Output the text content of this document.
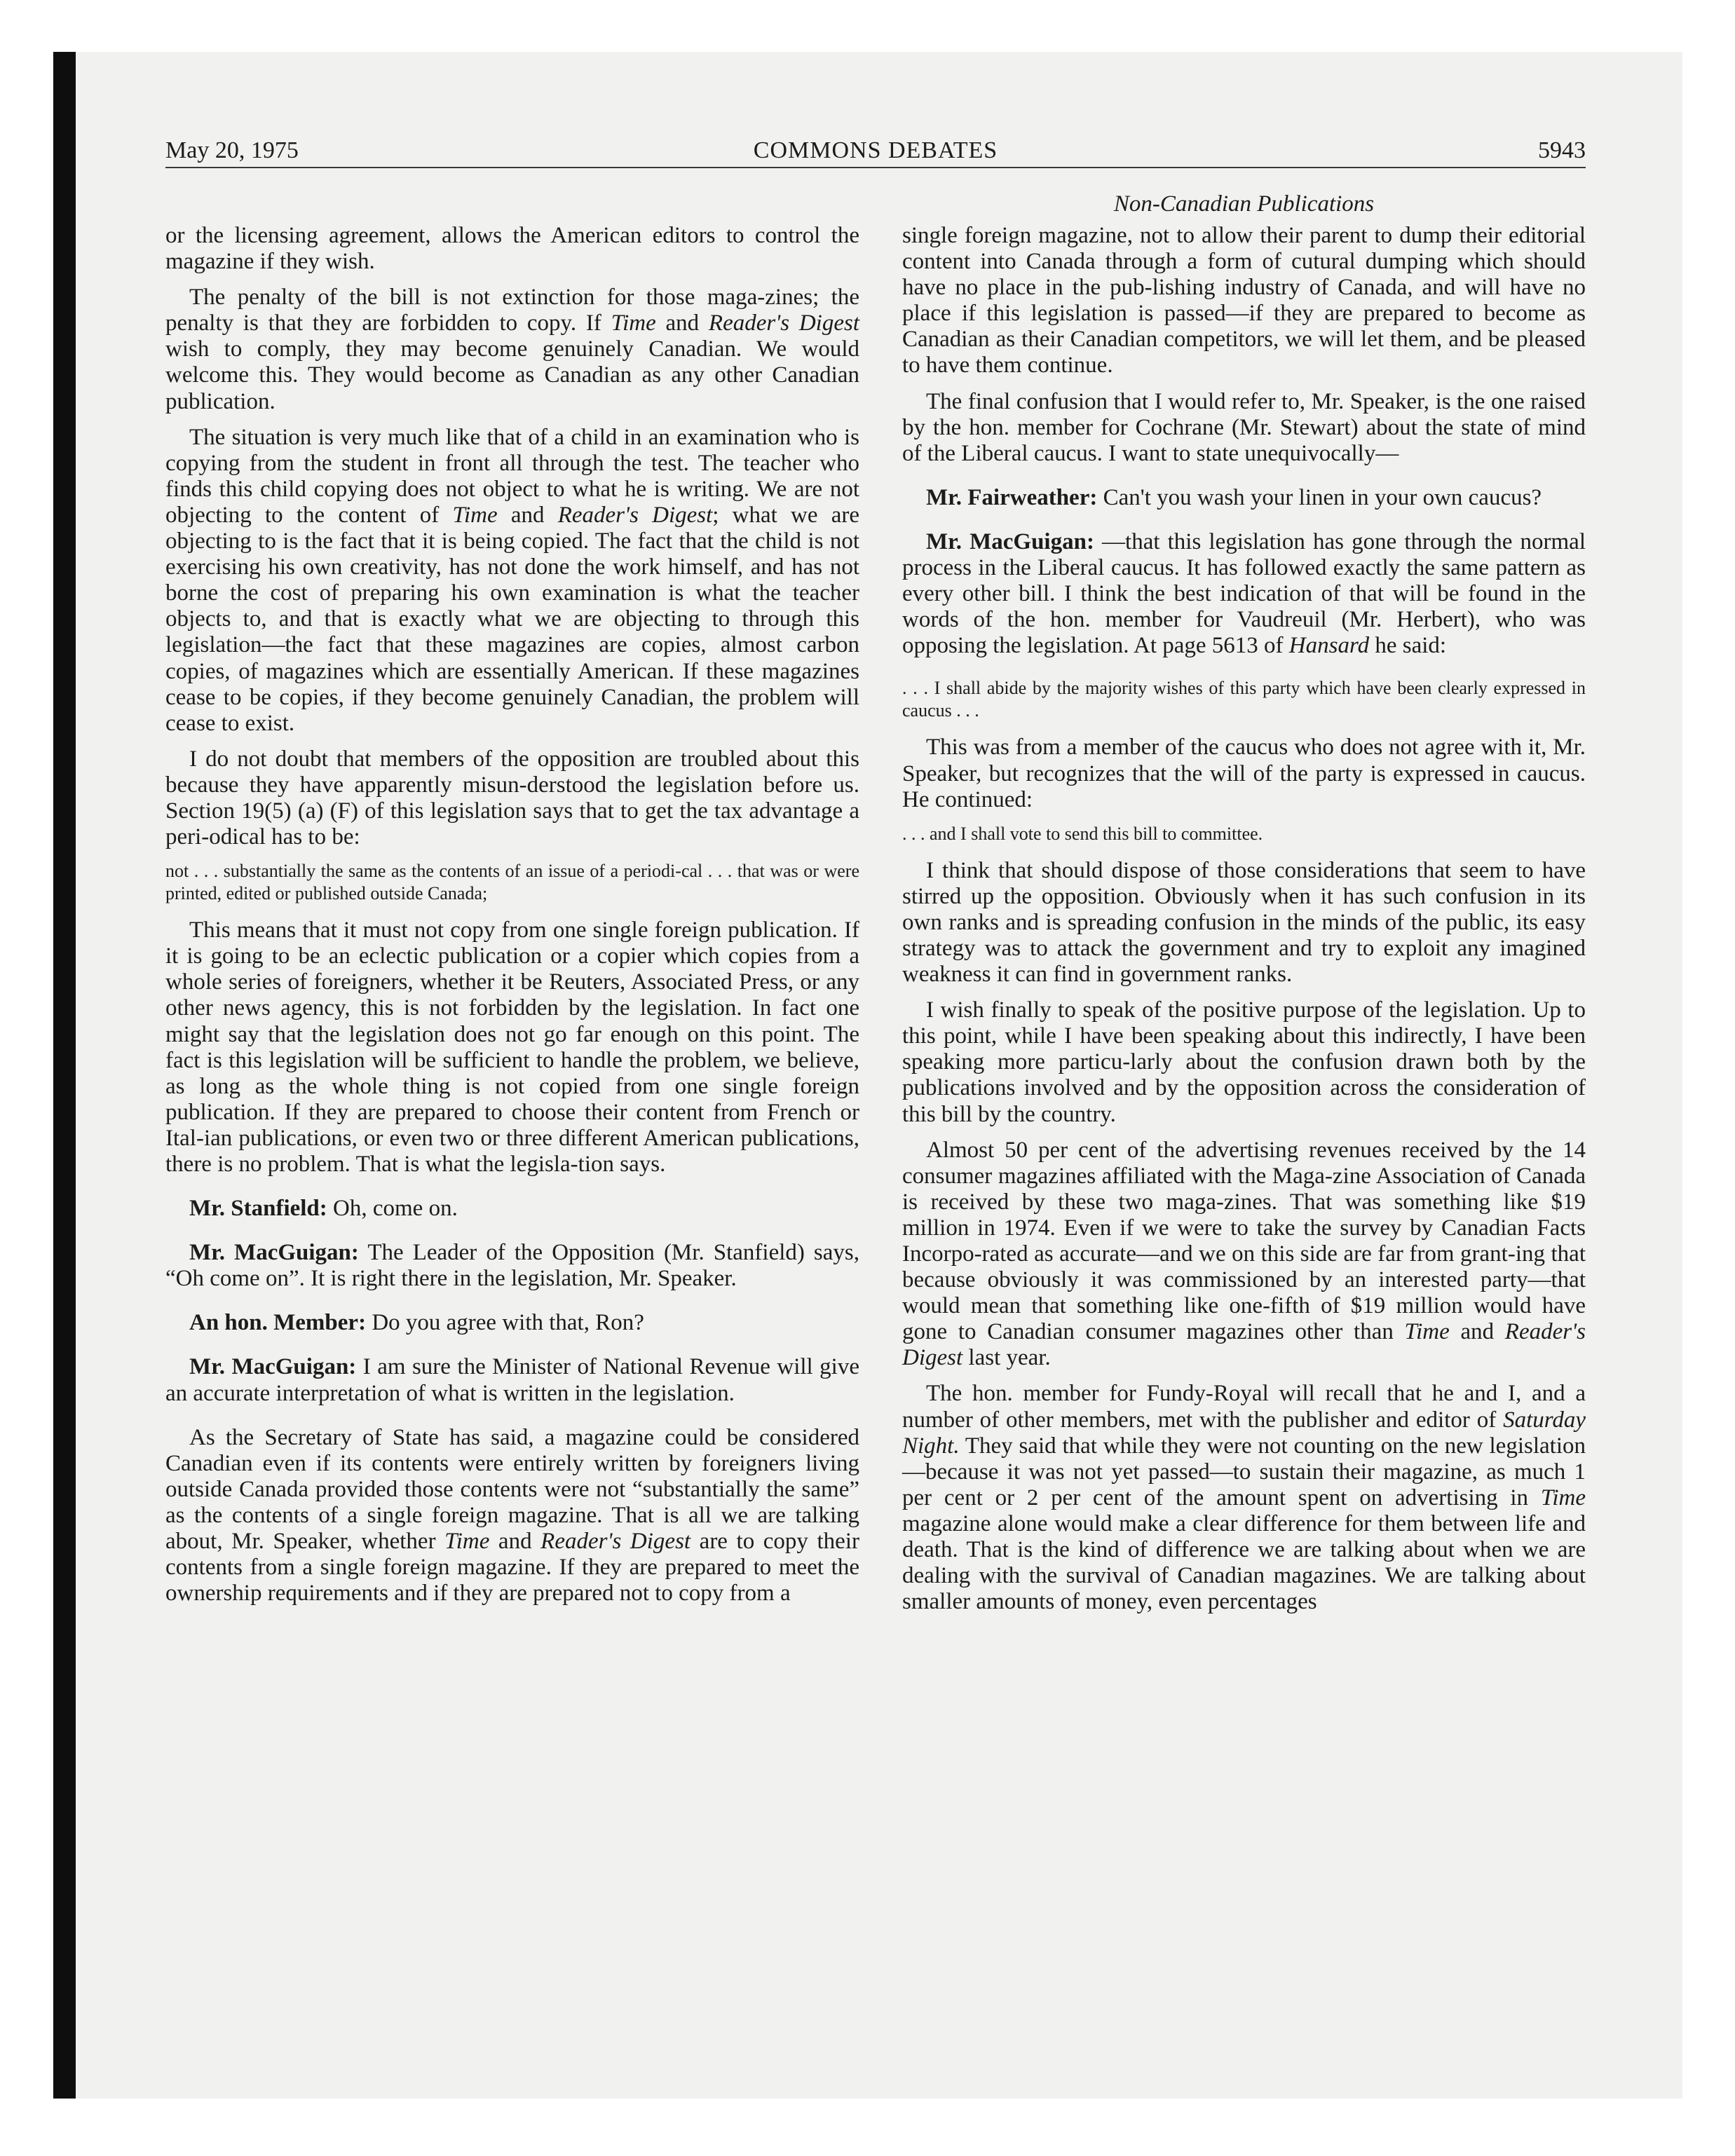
May 20, 1975	COMMONS DEBATES	5943
Non-Canadian Publications

or the licensing agreement, allows the American editors to control the magazine if they wish.

The penalty of the bill is not extinction for those maga-zines; the penalty is that they are forbidden to copy. If Time and Reader's Digest wish to comply, they may become genuinely Canadian. We would welcome this. They would become as Canadian as any other Canadian publication.

The situation is very much like that of a child in an examination who is copying from the student in front all through the test. The teacher who finds this child copying does not object to what he is writing. We are not objecting to the content of Time and Reader's Digest; what we are objecting to is the fact that it is being copied. The fact that the child is not exercising his own creativity, has not done the work himself, and has not borne the cost of preparing his own examination is what the teacher objects to, and that is exactly what we are objecting to through this legislation—the fact that these magazines are copies, almost carbon copies, of magazines which are essentially American. If these magazines cease to be copies, if they become genuinely Canadian, the problem will cease to exist.

I do not doubt that members of the opposition are troubled about this because they have apparently misun-derstood the legislation before us. Section 19(5) (a) (F) of this legislation says that to get the tax advantage a peri-odical has to be:

not . . . substantially the same as the contents of an issue of a periodi-cal . . . that was or were printed, edited or published outside Canada;

This means that it must not copy from one single foreign publication. If it is going to be an eclectic publication or a copier which copies from a whole series of foreigners, whether it be Reuters, Associated Press, or any other news agency, this is not forbidden by the legislation. In fact one might say that the legislation does not go far enough on this point. The fact is this legislation will be sufficient to handle the problem, we believe, as long as the whole thing is not copied from one single foreign publication. If they are prepared to choose their content from French or Ital-ian publications, or even two or three different American publications, there is no problem. That is what the legisla-tion says.

Mr. Stanfield: Oh, come on.

Mr. MacGuigan: The Leader of the Opposition (Mr. Stanfield) says, “Oh come on”. It is right there in the legislation, Mr. Speaker.

An hon. Member: Do you agree with that, Ron?

Mr. MacGuigan: I am sure the Minister of National Revenue will give an accurate interpretation of what is written in the legislation.

As the Secretary of State has said, a magazine could be considered Canadian even if its contents were entirely written by foreigners living outside Canada provided those contents were not “substantially the same” as the contents of a single foreign magazine. That is all we are talking about, Mr. Speaker, whether Time and Reader's Digest are to copy their contents from a single foreign magazine. If they are prepared to meet the ownership requirements and if they are prepared not to copy from a

single foreign magazine, not to allow their parent to dump their editorial content into Canada through a form of cutural dumping which should have no place in the pub-lishing industry of Canada, and will have no place if this legislation is passed—if they are prepared to become as Canadian as their Canadian competitors, we will let them, and be pleased to have them continue.

The final confusion that I would refer to, Mr. Speaker, is the one raised by the hon. member for Cochrane (Mr. Stewart) about the state of mind of the Liberal caucus. I want to state unequivocally—

Mr. Fairweather: Can't you wash your linen in your own caucus?

Mr. MacGuigan: —that this legislation has gone through the normal process in the Liberal caucus. It has followed exactly the same pattern as every other bill. I think the best indication of that will be found in the words of the hon. member for Vaudreuil (Mr. Herbert), who was opposing the legislation. At page 5613 of Hansard he said:

. . . I shall abide by the majority wishes of this party which have been clearly expressed in caucus . . .

This was from a member of the caucus who does not agree with it, Mr. Speaker, but recognizes that the will of the party is expressed in caucus. He continued:

. . . and I shall vote to send this bill to committee.

I think that should dispose of those considerations that seem to have stirred up the opposition. Obviously when it has such confusion in its own ranks and is spreading confusion in the minds of the public, its easy strategy was to attack the government and try to exploit any imagined weakness it can find in government ranks.

I wish finally to speak of the positive purpose of the legislation. Up to this point, while I have been speaking about this indirectly, I have been speaking more particu-larly about the confusion drawn both by the publications involved and by the opposition across the consideration of this bill by the country.

Almost 50 per cent of the advertising revenues received by the 14 consumer magazines affiliated with the Maga-zine Association of Canada is received by these two maga-zines. That was something like $19 million in 1974. Even if we were to take the survey by Canadian Facts Incorpo-rated as accurate—and we on this side are far from grant-ing that because obviously it was commissioned by an interested party—that would mean that something like one-fifth of $19 million would have gone to Canadian consumer magazines other than Time and Reader's Digest last year.

The hon. member for Fundy-Royal will recall that he and I, and a number of other members, met with the publisher and editor of Saturday Night. They said that while they were not counting on the new legislation—because it was not yet passed—to sustain their magazine, as much 1 per cent or 2 per cent of the amount spent on advertising in Time magazine alone would make a clear difference for them between life and death. That is the kind of difference we are talking about when we are dealing with the survival of Canadian magazines. We are talking about smaller amounts of money, even percentages
